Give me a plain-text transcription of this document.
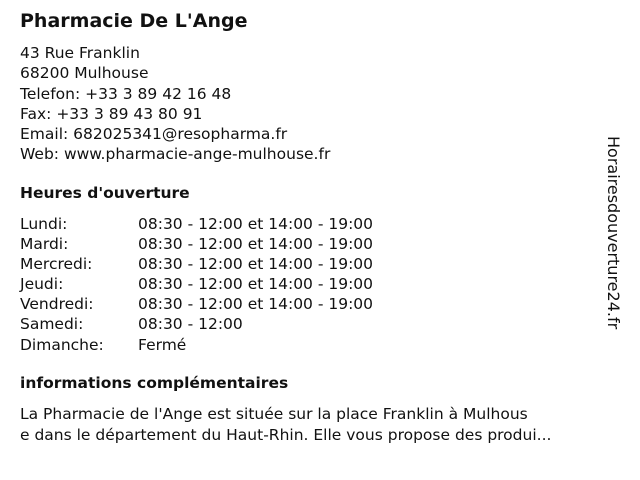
Pharmacie De L'Ange
43 Rue Franklin
68200 Mulhouse
Telefon: +33 3 89 42 16 48
Fax: +33 3 89 43 80 91
Email: 682025341@resopharma.fr
Web: www.pharmacie-ange-mulhouse.fr
Heures d'ouverture
Lundi:	08:30 - 12:00 et 14:00 - 19:00
Mardi:	08:30 - 12:00 et 14:00 - 19:00
Mercredi:	08:30 - 12:00 et 14:00 - 19:00
Jeudi:	08:30 - 12:00 et 14:00 - 19:00
Vendredi:	08:30 - 12:00 et 14:00 - 19:00
Samedi:	08:30 - 12:00
Dimanche: Fermé
informations complémentaires
La Pharmacie de l'Ange est située sur la place Franklin à Mulhous
e dans le département du Haut-Rhin. Elle vous propose des produi...
Horairesdouverture24.fr
